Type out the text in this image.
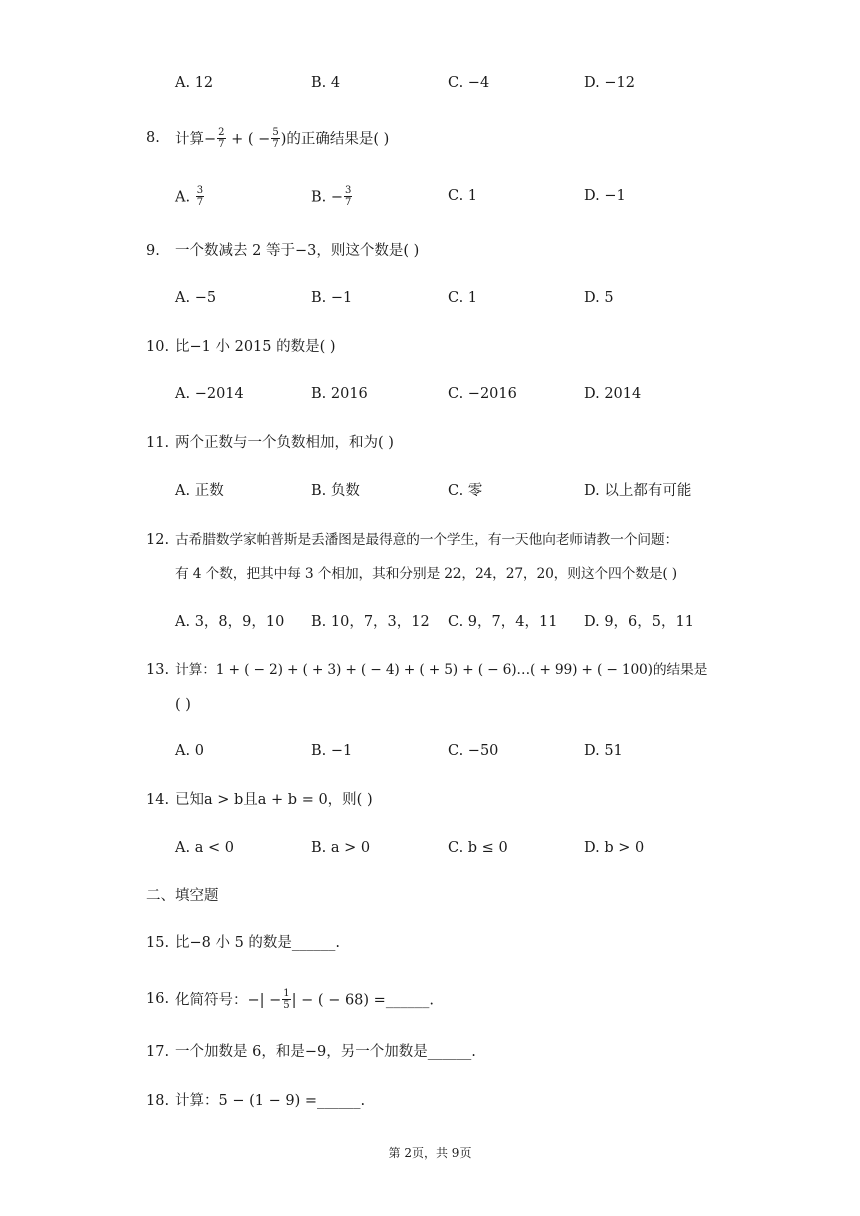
A. 12	B. 4	C. −4	D. −12
8. 计算− $\frac{2}{7}$ + ( − $\frac{5}{7}$ )的正确结果是( )
A. $\frac{3}{7}$	B. − $\frac{3}{7}$	C. 1	D. −1
9. 一个数减去 2 等于−3，则这个数是( )
A. −5	B. −1	C. 1	D. 5
10. 比−1 小 2015 的数是( )
A. −2014	B. 2016	C. −2016	D. 2014
11. 两个正数与一个负数相加，和为( )
A. 正数	B. 负数	C. 零	D. 以上都有可能
12. 古希腊数学家帕普斯是丢潘图是最得意的一个学生，有一天他向老师请教一个问题：
有 4 个数，把其中每 3 个相加，其和分别是 22，24，27，20，则这个四个数是( )
A. 3，8，9，10 B. 10，7，3，12 C. 9，7，4，11 D. 9，6，5，11
13. 计算：1 + ( − 2) + ( + 3) + ( − 4) + ( + 5) + ( − 6)…( + 99) + ( − 100)的结果是
( )
A. 0	B. −1	C. −50	D. 51
14. 已知a > b且a + b = 0，则( )
A. a < 0	B. a > 0	C. b ≤ 0	D. b > 0
二、填空题
15. 比−8 小 5 的数是______.
16. 化简符号：−| − $\frac{1}{5}$ | − ( − 68) =______.
17. 一个加数是 6，和是−9，另一个加数是______.
18. 计算：5 − (1 − 9) =______.
第 2页，共 9页
